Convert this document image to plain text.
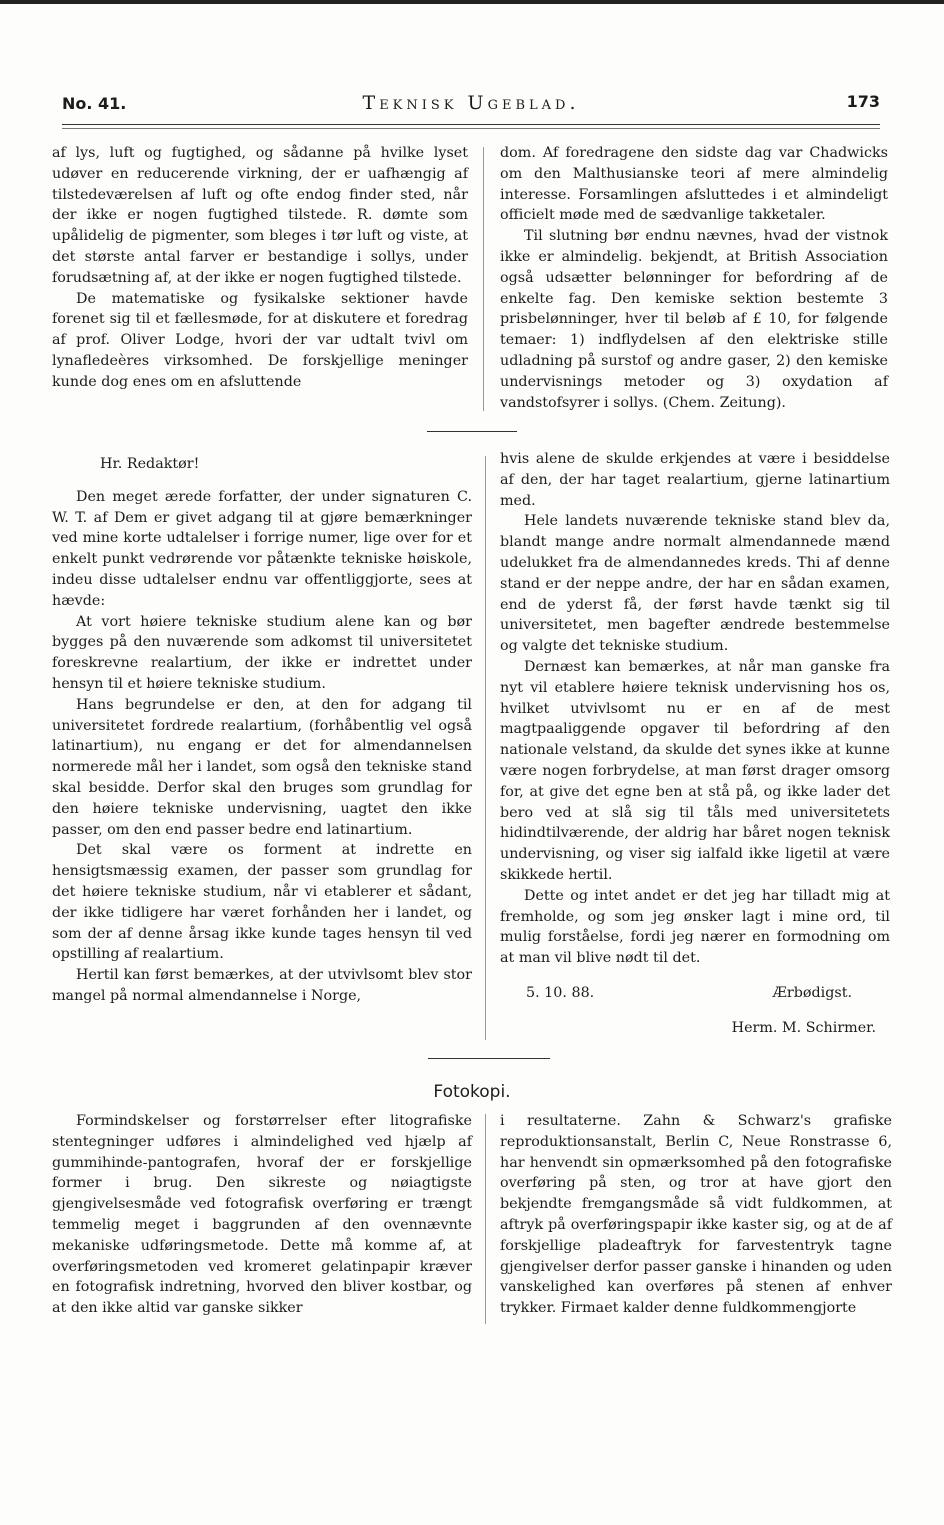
No. 41.	Teknisk Ugeblad.	173

af lys, luft og fugtighed, og sådanne på hvilke lyset udøver en reducerende virkning, der er uafhængig af tilstedeværelsen af luft og ofte endog finder sted, når der ikke er nogen fugtighed tilstede. R. dømte som upålidelig de pigmenter, som bleges i tør luft og viste, at det største antal farver er bestandige i sollys, under forudsætning af, at der ikke er nogen fugtighed tilstede.

De matematiske og fysikalske sektioner havde forenet sig til et fællesmøde, for at diskutere et foredrag af prof. Oliver Lodge, hvori der var udtalt tvivl om lynafledeères virksomhed. De forskjellige meninger kunde dog enes om en afsluttende

dom. Af foredragene den sidste dag var Chadwicks om den Malthusianske teori af mere almindelig interesse. Forsamlingen afsluttedes i et almindeligt officielt møde med de sædvanlige takketaler.

Til slutning bør endnu nævnes, hvad der vistnok ikke er almindelig. bekjendt, at British Association også udsætter belønninger for befordring af de enkelte fag. Den kemiske sektion bestemte 3 prisbelønninger, hver til beløb af £ 10, for følgende temaer: 1) indflydelsen af den elektriske stille udladning på surstof og andre gaser, 2) den kemiske undervisnings metoder og 3) oxydation af vandstofsyrer i sollys. (Chem. Zeitung).

Hr. Redaktør!

Den meget ærede forfatter, der under signaturen C. W. T. af Dem er givet adgang til at gjøre bemærkninger ved mine korte udtalelser i forrige numer, lige over for et enkelt punkt vedrørende vor påtænkte tekniske høiskole, indeu disse udtalelser endnu var offentliggjorte, sees at hævde:

At vort høiere tekniske studium alene kan og bør bygges på den nuværende som adkomst til universitetet foreskrevne realartium, der ikke er indrettet under hensyn til et høiere tekniske studium.

Hans begrundelse er den, at den for adgang til universitetet fordrede realartium, (forhåbentlig vel også latinartium), nu engang er det for almendannelsen normerede mål her i landet, som også den tekniske stand skal besidde. Derfor skal den bruges som grundlag for den høiere tekniske undervisning, uagtet den ikke passer, om den end passer bedre end latinartium.

Det skal være os forment at indrette en hensigtsmæssig examen, der passer som grundlag for det høiere tekniske studium, når vi etablerer et sådant, der ikke tidligere har været forhånden her i landet, og som der af denne årsag ikke kunde tages hensyn til ved opstilling af realartium.

Hertil kan først bemærkes, at der utvivlsomt blev stor mangel på normal almendannelse i Norge,

hvis alene de skulde erkjendes at være i besiddelse af den, der har taget realartium, gjerne latinartium med.

Hele landets nuværende tekniske stand blev da, blandt mange andre normalt almendannede mænd udelukket fra de almendannedes kreds. Thi af denne stand er der neppe andre, der har en sådan examen, end de yderst få, der først havde tænkt sig til universitetet, men bagefter ændrede bestemmelse og valgte det tekniske studium.

Dernæst kan bemærkes, at når man ganske fra nyt vil etablere høiere teknisk undervisning hos os, hvilket utvivlsomt nu er en af de mest magtpaaliggende opgaver til befordring af den nationale velstand, da skulde det synes ikke at kunne være nogen forbrydelse, at man først drager omsorg for, at give det egne ben at stå på, og ikke lader det bero ved at slå sig til tåls med universitetets hidindtilværende, der aldrig har båret nogen teknisk undervisning, og viser sig ialfald ikke ligetil at være skikkede hertil.

Dette og intet andet er det jeg har tilladt mig at fremholde, og som jeg ønsker lagt i mine ord, til mulig forståelse, fordi jeg nærer en formodning om at man vil blive nødt til det.

5. 10. 88.	Ærbødigst.

Herm. M. Schirmer.

Fotokopi.

Formindskelser og forstørrelser efter litografiske stentegninger udføres i almindelighed ved hjælp af gummihinde-pantografen, hvoraf der er forskjellige former i brug. Den sikreste og nøiagtigste gjengivelsesmåde ved fotografisk overføring er trængt temmelig meget i baggrunden af den ovennævnte mekaniske udføringsmetode. Dette må komme af, at overføringsmetoden ved kromeret gelatinpapir kræver en fotografisk indretning, hvorved den bliver kostbar, og at den ikke altid var ganske sikker

i resultaterne. Zahn & Schwarz's grafiske reproduktionsanstalt, Berlin C, Neue Ronstrasse 6, har henvendt sin opmærksomhed på den fotografiske overføring på sten, og tror at have gjort den bekjendte fremgangsmåde så vidt fuldkommen, at aftryk på overføringspapir ikke kaster sig, og at de af forskjellige pladeaftryk for farvestentryk tagne gjengivelser derfor passer ganske i hinanden og uden vanskelighed kan overføres på stenen af enhver trykker. Firmaet kalder denne fuldkommengjorte
